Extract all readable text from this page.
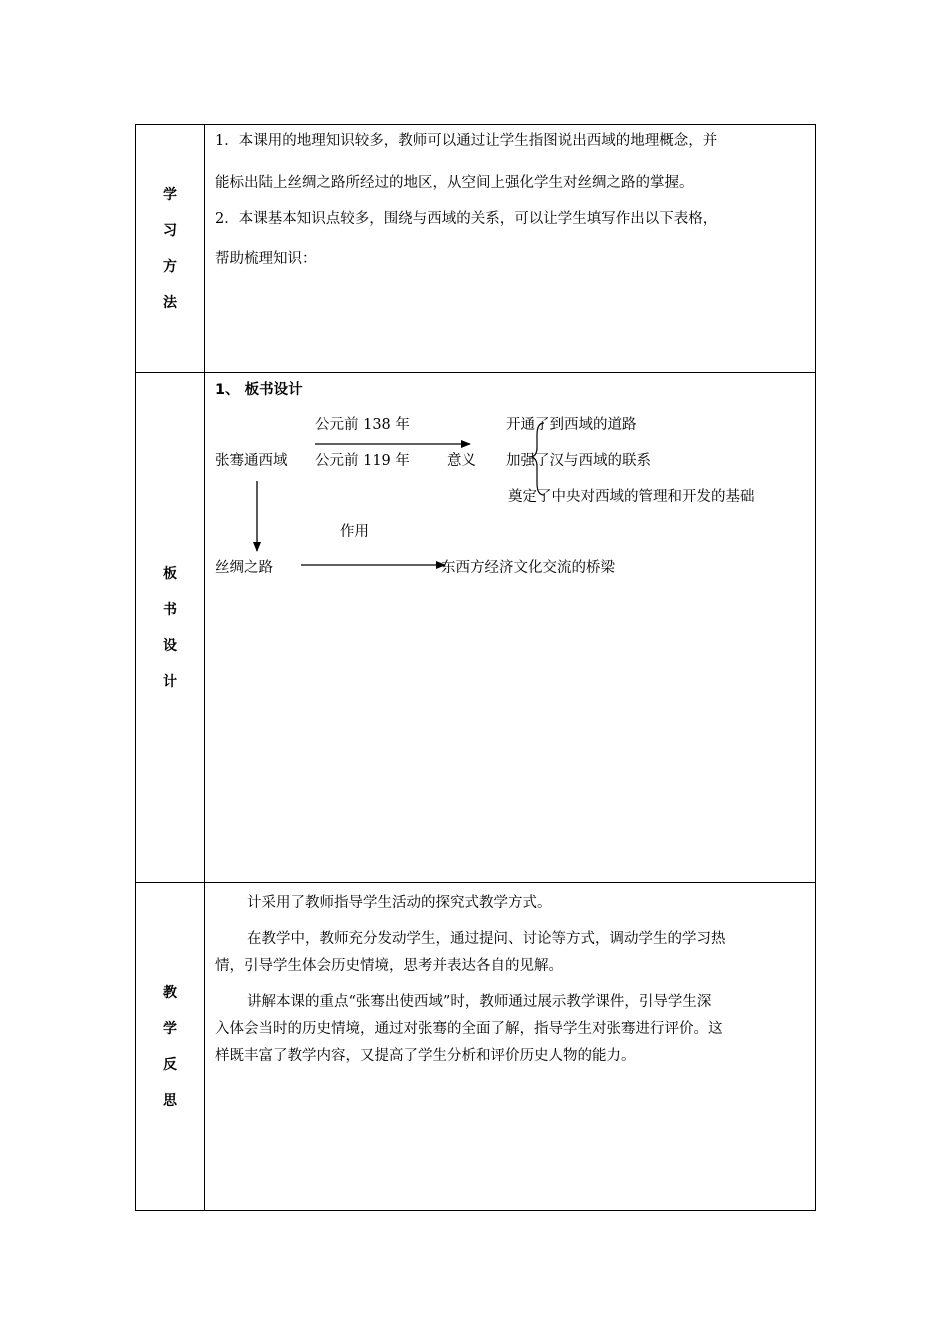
学
习
方
法
1．本课用的地理知识较多，教师可以通过让学生指图说出西域的地理概念，并
能标出陆上丝绸之路所经过的地区，从空间上强化学生对丝绸之路的掌握。
2．本课基本知识点较多，围绕与西域的关系，可以让学生填写作出以下表格，
帮助梳理知识：
板
书
设
计
1、 板书设计
公元前 138 年
张骞通西域 公元前 119 年	意义
开通了到西域的道路
加强了汉与西域的联系
奠定了中央对西域的管理和开发的基础
作用
丝绸之路	东西方经济文化交流的桥梁
教
学
反
思
计采用了教师指导学生活动的探究式教学方式。
在教学中，教师充分发动学生，通过提问、讨论等方式，调动学生的学习热
情，引导学生体会历史情境，思考并表达各自的见解。
讲解本课的重点“张骞出使西域”时，教师通过展示教学课件，引导学生深
入体会当时的历史情境，通过对张骞的全面了解，指导学生对张骞进行评价。这
样既丰富了教学内容，又提高了学生分析和评价历史人物的能力。
